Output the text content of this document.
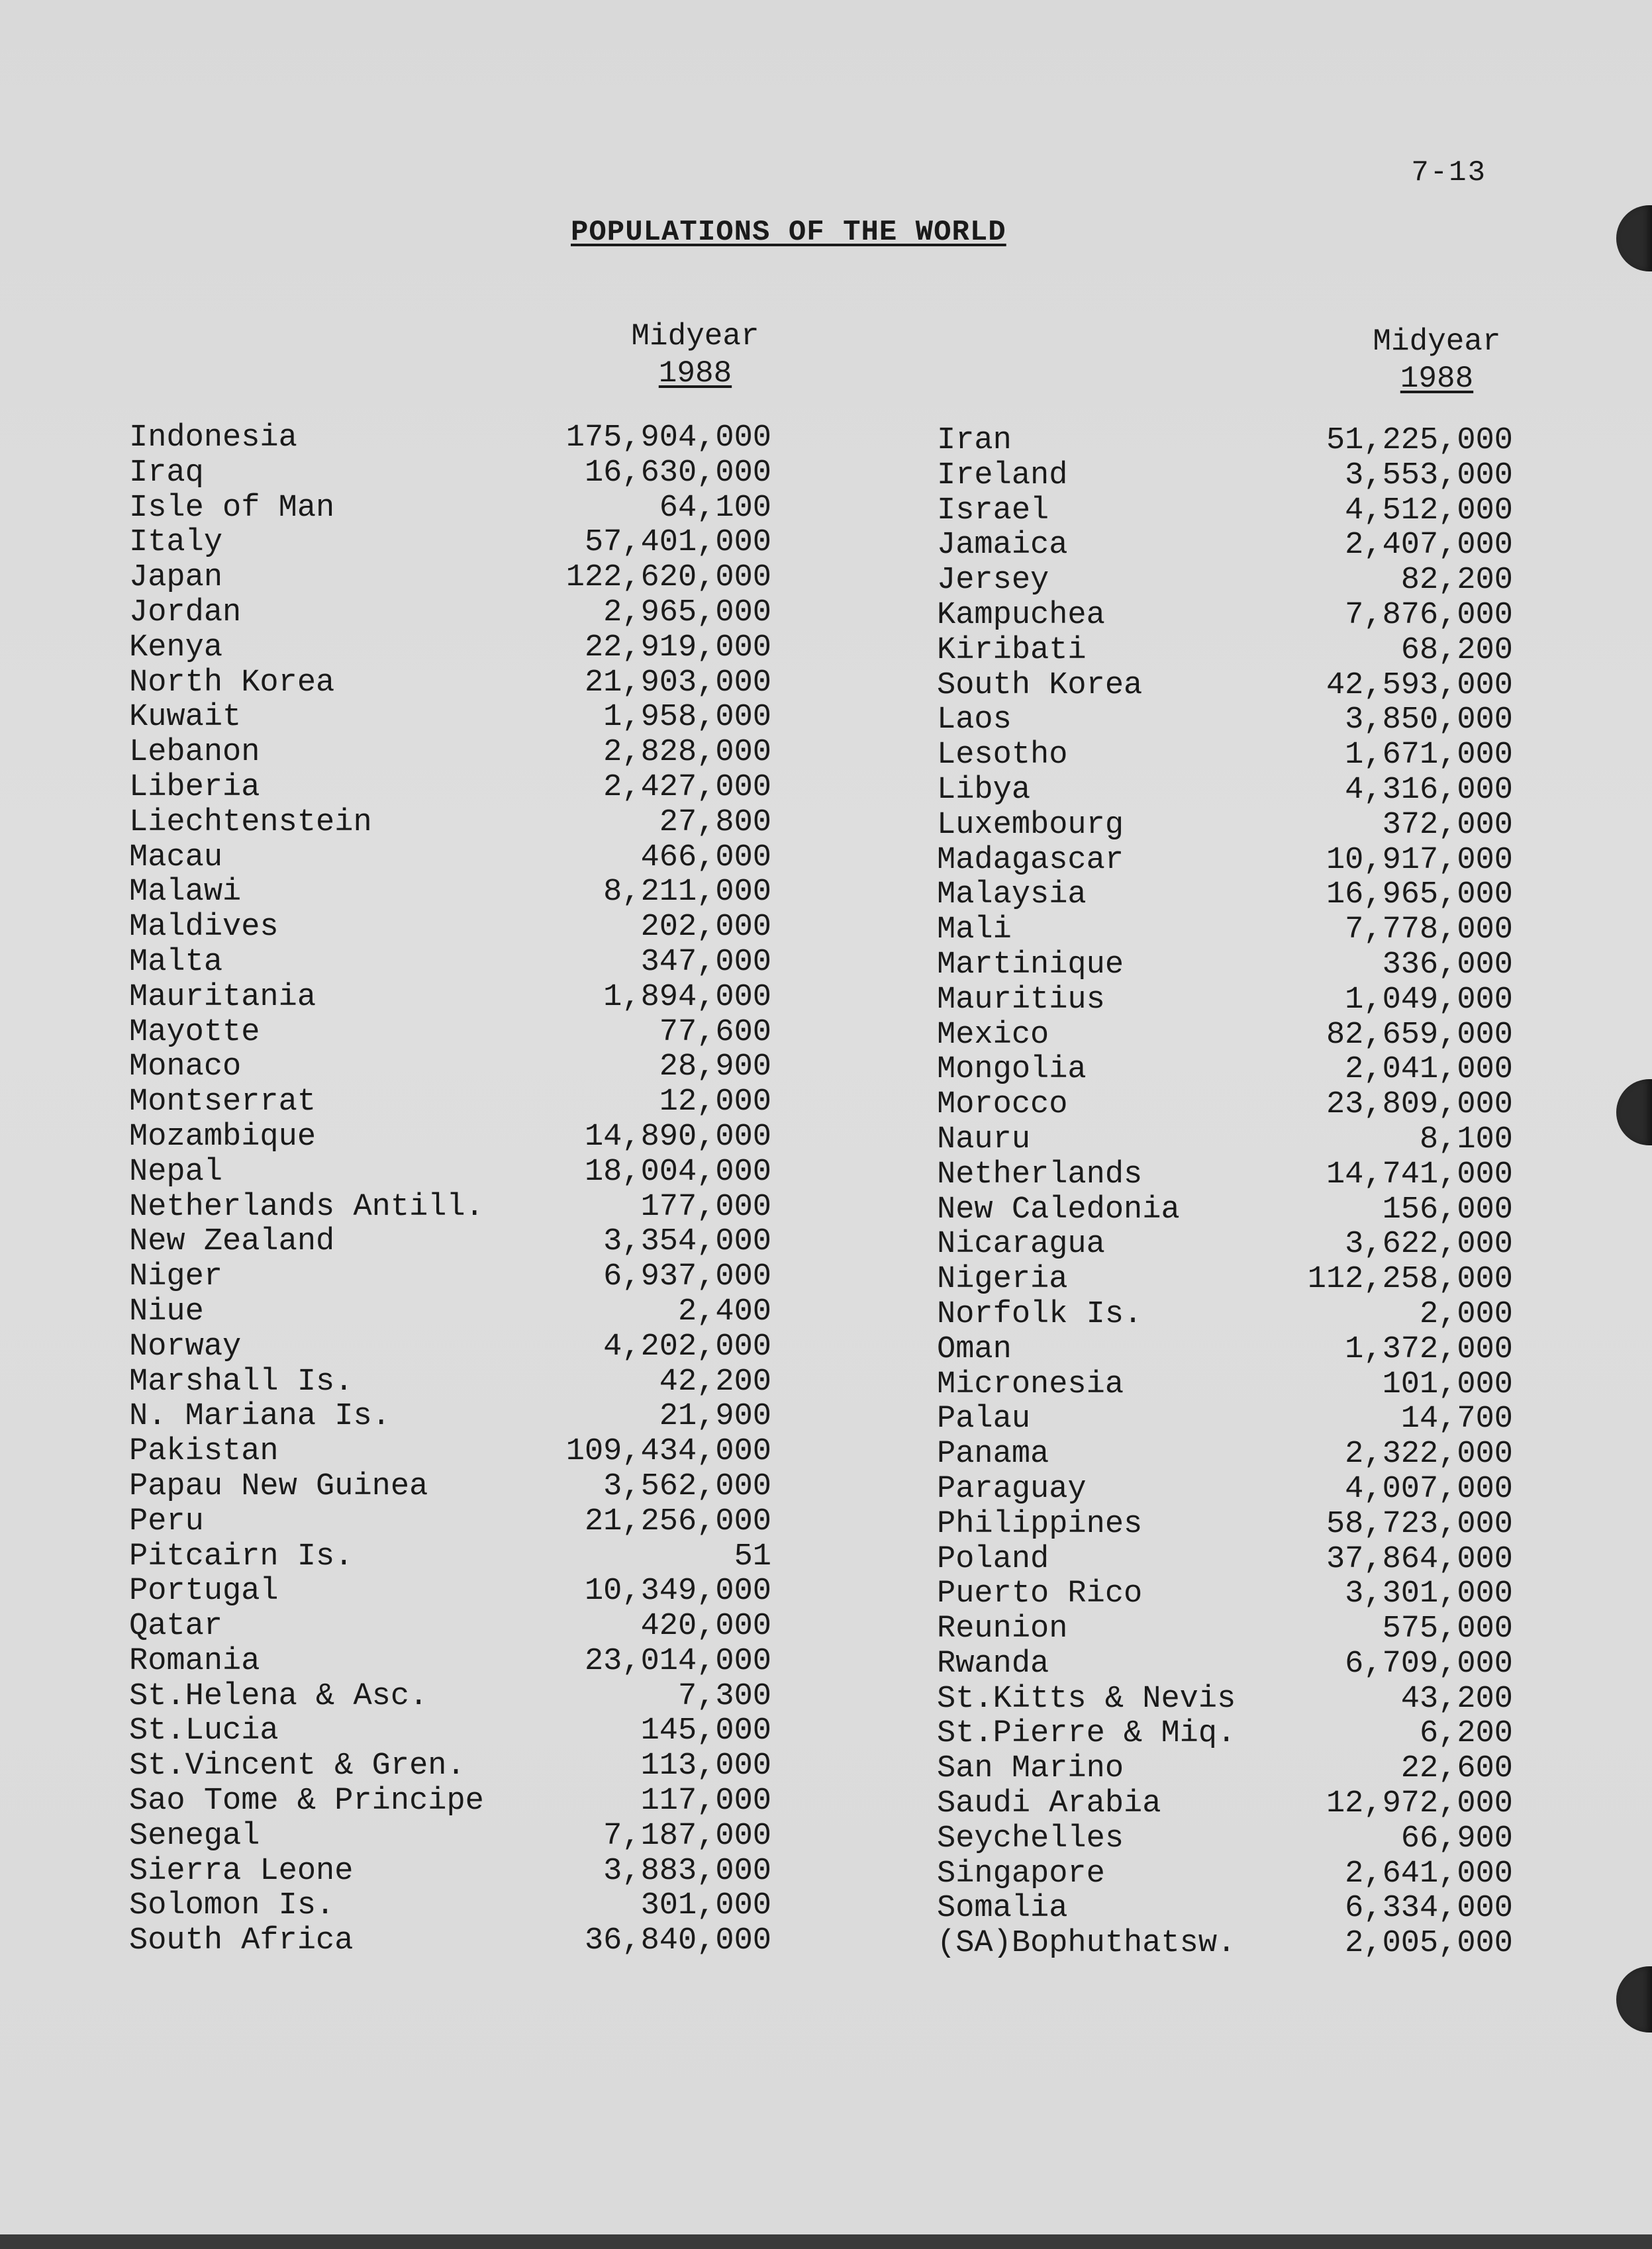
7-13
POPULATIONS OF THE WORLD
Midyear
1988
Midyear
1988
Indonesia	175,904,000
Iraq	16,630,000
Isle of Man	64,100
Italy	57,401,000
Japan	122,620,000
Jordan	2,965,000
Kenya	22,919,000
North Korea	21,903,000
Kuwait	1,958,000
Lebanon	2,828,000
Liberia	2,427,000
Liechtenstein	27,800
Macau	466,000
Malawi	8,211,000
Maldives	202,000
Malta	347,000
Mauritania	1,894,000
Mayotte	77,600
Monaco	28,900
Montserrat	12,000
Mozambique	14,890,000
Nepal	18,004,000
Netherlands Antill.	177,000
New Zealand	3,354,000
Niger	6,937,000
Niue	2,400
Norway	4,202,000
Marshall Is.	42,200
N. Mariana Is.	21,900
Pakistan	109,434,000
Papau New Guinea	3,562,000
Peru	21,256,000
Pitcairn Is.	51
Portugal	10,349,000
Qatar	420,000
Romania	23,014,000
St.Helena & Asc.	7,300
St.Lucia	145,000
St.Vincent & Gren.	113,000
Sao Tome & Principe	117,000
Senegal	7,187,000
Sierra Leone	3,883,000
Solomon Is.	301,000
South Africa	36,840,000
Iran	51,225,000
Ireland	3,553,000
Israel	4,512,000
Jamaica	2,407,000
Jersey	82,200
Kampuchea	7,876,000
Kiribati	68,200
South Korea	42,593,000
Laos	3,850,000
Lesotho	1,671,000
Libya	4,316,000
Luxembourg	372,000
Madagascar	10,917,000
Malaysia	16,965,000
Mali	7,778,000
Martinique	336,000
Mauritius	1,049,000
Mexico	82,659,000
Mongolia	2,041,000
Morocco	23,809,000
Nauru	8,100
Netherlands	14,741,000
New Caledonia	156,000
Nicaragua	3,622,000
Nigeria	112,258,000
Norfolk Is.	2,000
Oman	1,372,000
Micronesia	101,000
Palau	14,700
Panama	2,322,000
Paraguay	4,007,000
Philippines	58,723,000
Poland	37,864,000
Puerto Rico	3,301,000
Reunion	575,000
Rwanda	6,709,000
St.Kitts & Nevis	43,200
St.Pierre & Miq.	6,200
San Marino	22,600
Saudi Arabia	12,972,000
Seychelles	66,900
Singapore	2,641,000
Somalia	6,334,000
(SA)Bophuthatsw.	2,005,000
